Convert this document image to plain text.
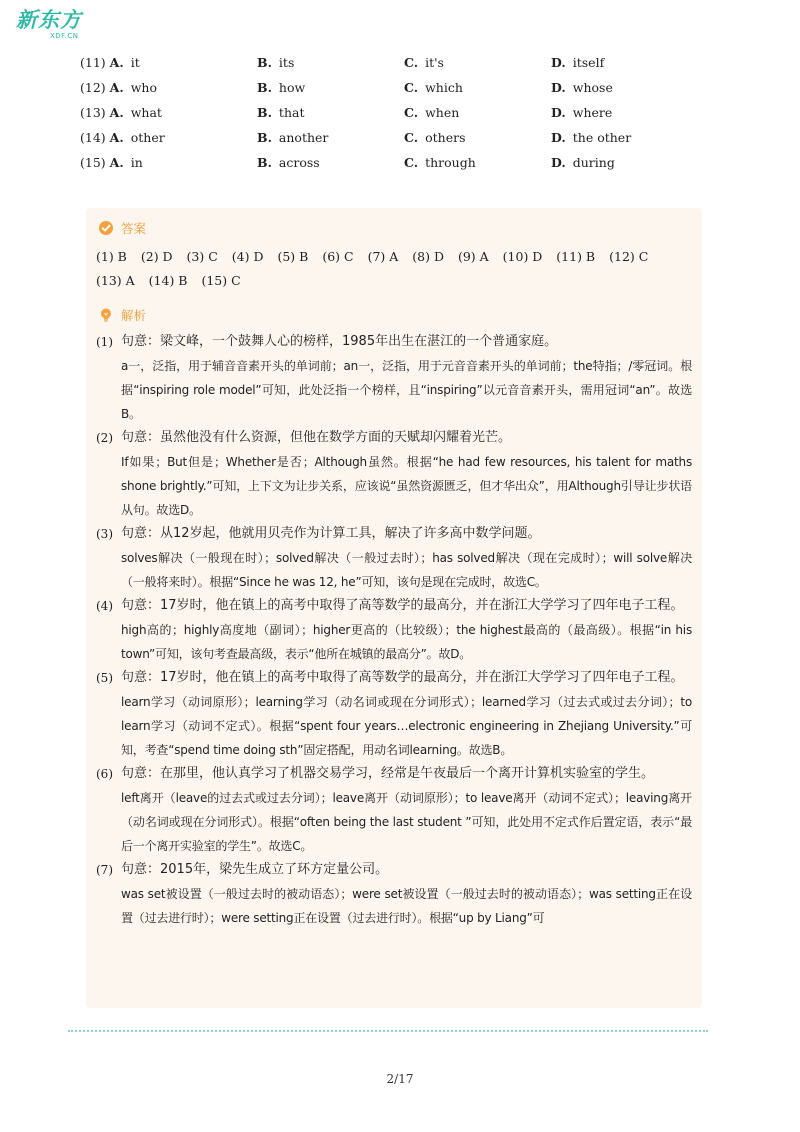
新东方
XDF.CN
(11) A. it	B. its	C. it's	D. itself
(12) A. who	B. how	C. which	D. whose
(13) A. what	B. that	C. when	D. where
(14) A. other	B. another	C. others	D. the other
(15) A. in	B. across	C. through	D. during
答案
(1) B (2) D (3) C (4) D (5) B (6) C (7) A (8) D (9) A (10) D (11) B (12) C (13) A (14) B (15) C
解析
(1) 句意：梁文峰，一个鼓舞人心的榜样，1985年出生在湛江的一个普通家庭。
a一，泛指，用于辅音音素开头的单词前；an一，泛指，用于元音音素开头的单词前；the特指；/零冠词。根据“inspiring role model”可知，此处泛指一个榜样，且“inspiring”以元音音素开头，需用冠词“an”。故选B。
(2) 句意：虽然他没有什么资源，但他在数学方面的天赋却闪耀着光芒。
If如果；But但是；Whether是否；Although虽然。根据“he had few resources, his talent for maths shone brightly.”可知，上下文为让步关系，应该说“虽然资源匮乏，但才华出众”，用Although引导让步状语从句。故选D。
(3) 句意：从12岁起，他就用贝壳作为计算工具，解决了许多高中数学问题。
solves解决（一般现在时）；solved解决（一般过去时）；has solved解决（现在完成时）；will solve解决（一般将来时）。根据“Since he was 12, he”可知，该句是现在完成时，故选C。
(4) 句意：17岁时，他在镇上的高考中取得了高等数学的最高分，并在浙江大学学习了四年电子工程。
high高的；highly高度地（副词）；higher更高的（比较级）；the highest最高的（最高级）。根据“in his town”可知，该句考查最高级，表示“他所在城镇的最高分”。故D。
(5) 句意：17岁时，他在镇上的高考中取得了高等数学的最高分，并在浙江大学学习了四年电子工程。
learn学习（动词原形）；learning学习（动名词或现在分词形式）；learned学习（过去式或过去分词）；to learn学习（动词不定式）。根据“spent four years…electronic engineering in Zhejiang University.”可知，考查“spend time doing sth”固定搭配，用动名词learning。故选B。
(6) 句意：在那里，他认真学习了机器交易学习，经常是午夜最后一个离开计算机实验室的学生。
left离开（leave的过去式或过去分词）；leave离开（动词原形）；to leave离开（动词不定式）；leaving离开（动名词或现在分词形式）。根据“often being the last student ”可知，此处用不定式作后置定语，表示“最后一个离开实验室的学生”。故选C。
(7) 句意：2015年，梁先生成立了环方定量公司。
was set被设置（一般过去时的被动语态）；were set被设置（一般过去时的被动语态）；was setting正在设置（过去进行时）；were setting正在设置（过去进行时）。根据“up by Liang”可
2/17
